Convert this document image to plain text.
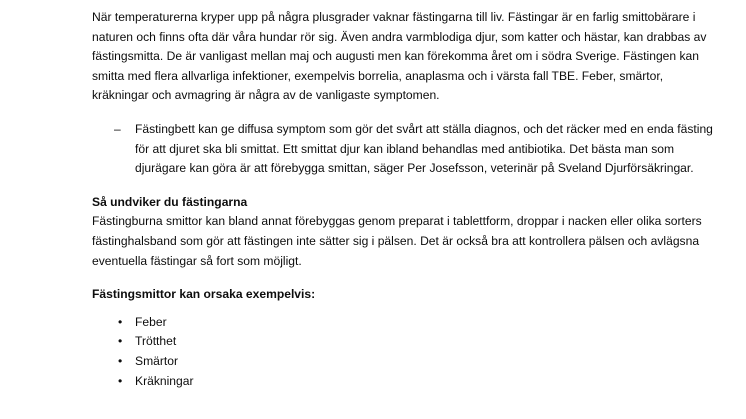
När temperaturerna kryper upp på några plusgrader vaknar fästingarna till liv. Fästingar är en farlig smittobärare i naturen och finns ofta där våra hundar rör sig. Även andra varmblodiga djur, som katter och hästar, kan drabbas av fästingsmitta. De är vanligast mellan maj och augusti men kan förekomma året om i södra Sverige. Fästingen kan smitta med flera allvarliga infektioner, exempelvis borrelia, anaplasma och i värsta fall TBE. Feber, smärtor, kräkningar och avmagring är några av de vanligaste symptomen.

– Fästingbett kan ge diffusa symptom som gör det svårt att ställa diagnos, och det räcker med en enda fästing för att djuret ska bli smittat. Ett smittat djur kan ibland behandlas med antibiotika. Det bästa man som djurägare kan göra är att förebygga smittan, säger Per Josefsson, veterinär på Sveland Djurförsäkringar.
Så undviker du fästingarna

Fästingburna smittor kan bland annat förebyggas genom preparat i tablettform, droppar i nacken eller olika sorters fästinghalsband som gör att fästingen inte sätter sig i pälsen. Det är också bra att kontrollera pälsen och avlägsna eventuella fästingar så fort som möjligt.

Fästingsmittor kan orsaka exempelvis:
• Feber
• Trötthet
• Smärtor
• Kräkningar
